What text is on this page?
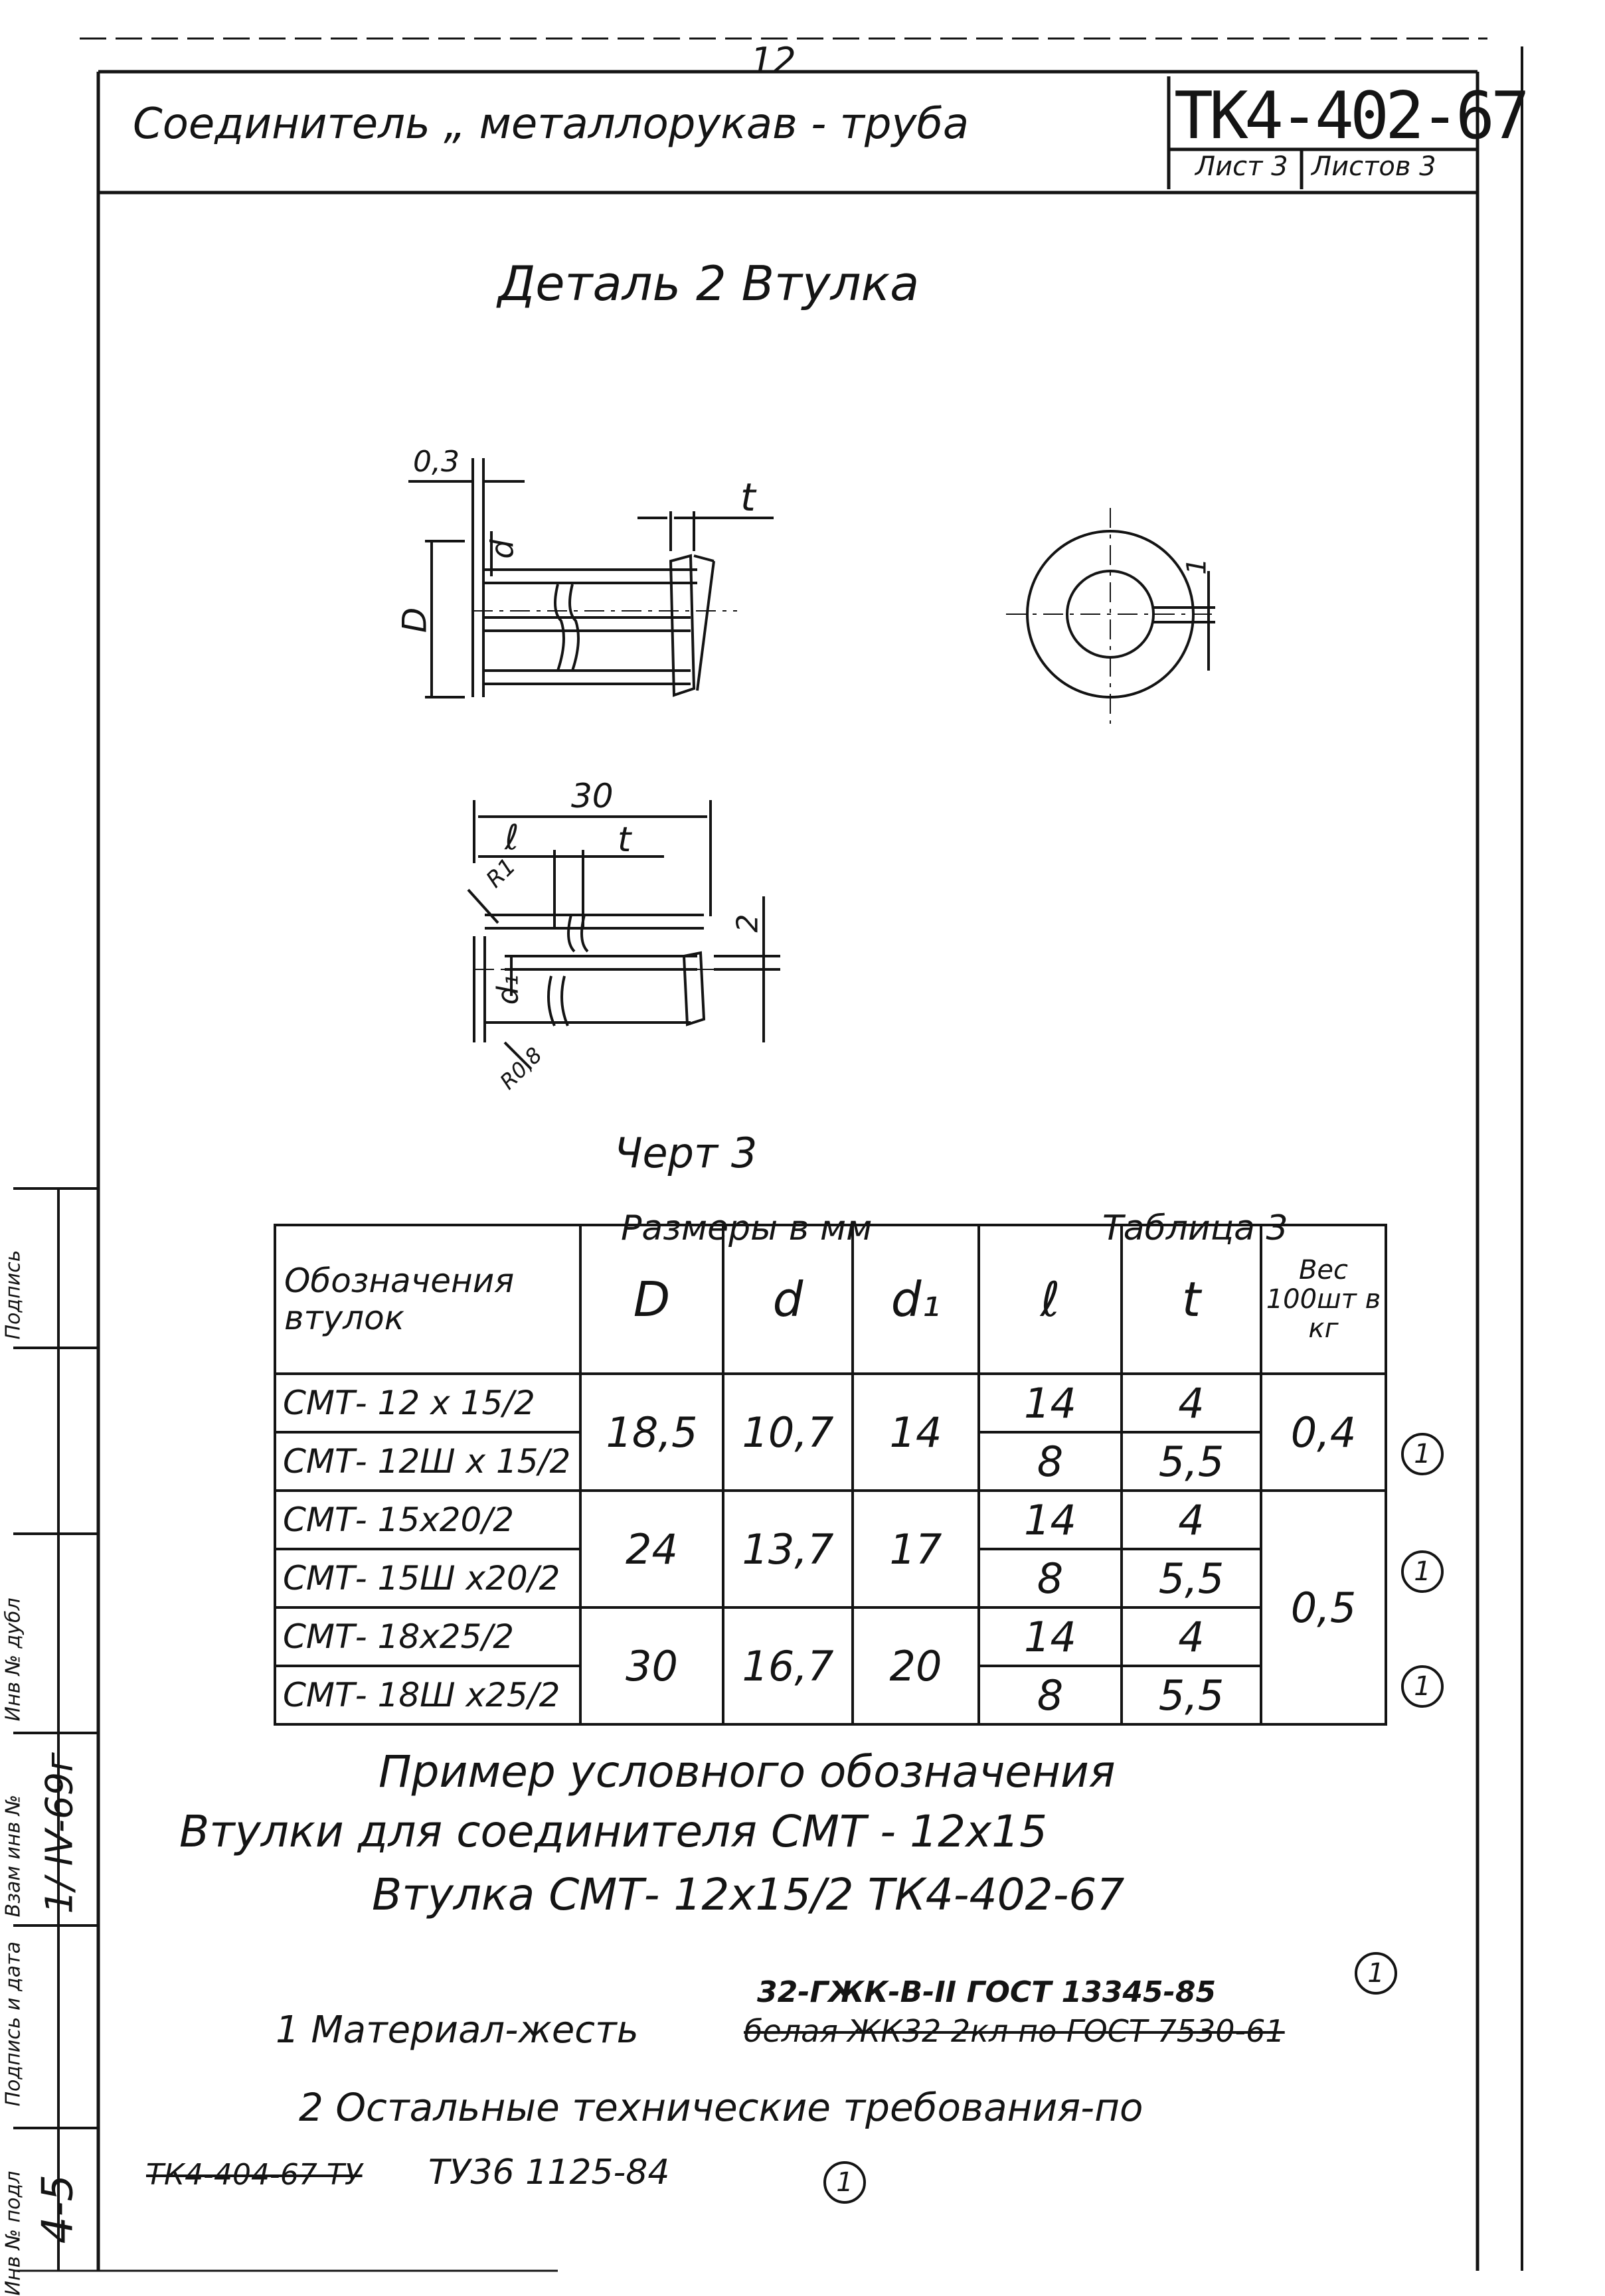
12
Соединитель „ металлорукав - труба	ТК4-402-67
Лист 3 Листов 3
Деталь 2 Втулка
0,3
t
d
D
1
30
ℓ	t
R1
2
d₁
R0,8
Черт 3
Размеры в мм	Таблица 3
Обозначения втулок	D	d	d₁	ℓ	t	Вес 100шт в кг
СМТ- 12 х 15/2	18,5	10,7	14	14	4	0,4
СМТ- 12Ш х 15/2				8	5,5	
СМТ- 15х20/2	24	13,7	17	14	4	0,5
СМТ- 15Ш х20/2				8	5,5	
СМТ- 18х25/2	30	16,7	20	14	4	
СМТ- 18Ш х25/2				8	5,5	
1
1
1
Пример условного обозначения
Втулки для соединителя СМТ - 12х15
Втулка СМТ- 12х15/2 ТК4-402-67
32-ГЖК-В-II ГОСТ 13345-85
1
1 Материал-жесть	белая ЖК32 2кл по ГОСТ 7530-61
2 Остальные технические требования-по
ТК4-404-67 ТУ ТУ36 1125-84	1
Инв № подл 4-5
Подпись и дата
1/ IV-69г
Взам инв №
Инв № дубл
Подпись
